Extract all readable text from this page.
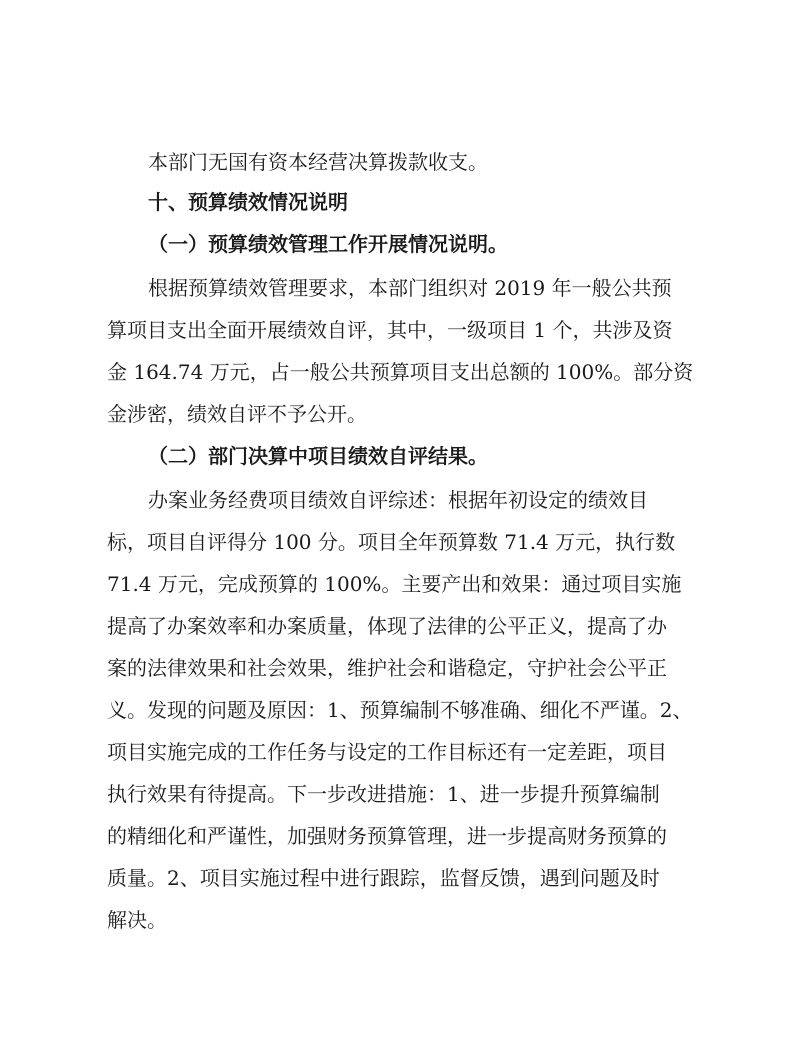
本部门无国有资本经营决算拨款收支。
十、预算绩效情况说明
（一）预算绩效管理工作开展情况说明。
根据预算绩效管理要求，本部门组织对 2019 年一般公共预
算项目支出全面开展绩效自评，其中，一级项目 1 个，共涉及资
金 164.74 万元，占一般公共预算项目支出总额的 100%。部分资
金涉密，绩效自评不予公开。
（二）部门决算中项目绩效自评结果。
办案业务经费项目绩效自评综述：根据年初设定的绩效目
标，项目自评得分 100 分。项目全年预算数 71.4 万元，执行数
71.4 万元，完成预算的 100%。主要产出和效果：通过项目实施
提高了办案效率和办案质量，体现了法律的公平正义，提高了办
案的法律效果和社会效果，维护社会和谐稳定，守护社会公平正
义。发现的问题及原因：1、预算编制不够准确、细化不严谨。2、
项目实施完成的工作任务与设定的工作目标还有一定差距，项目
执行效果有待提高。下一步改进措施：1、进一步提升预算编制
的精细化和严谨性，加强财务预算管理，进一步提高财务预算的
质量。2、项目实施过程中进行跟踪，监督反馈，遇到问题及时
解决。
